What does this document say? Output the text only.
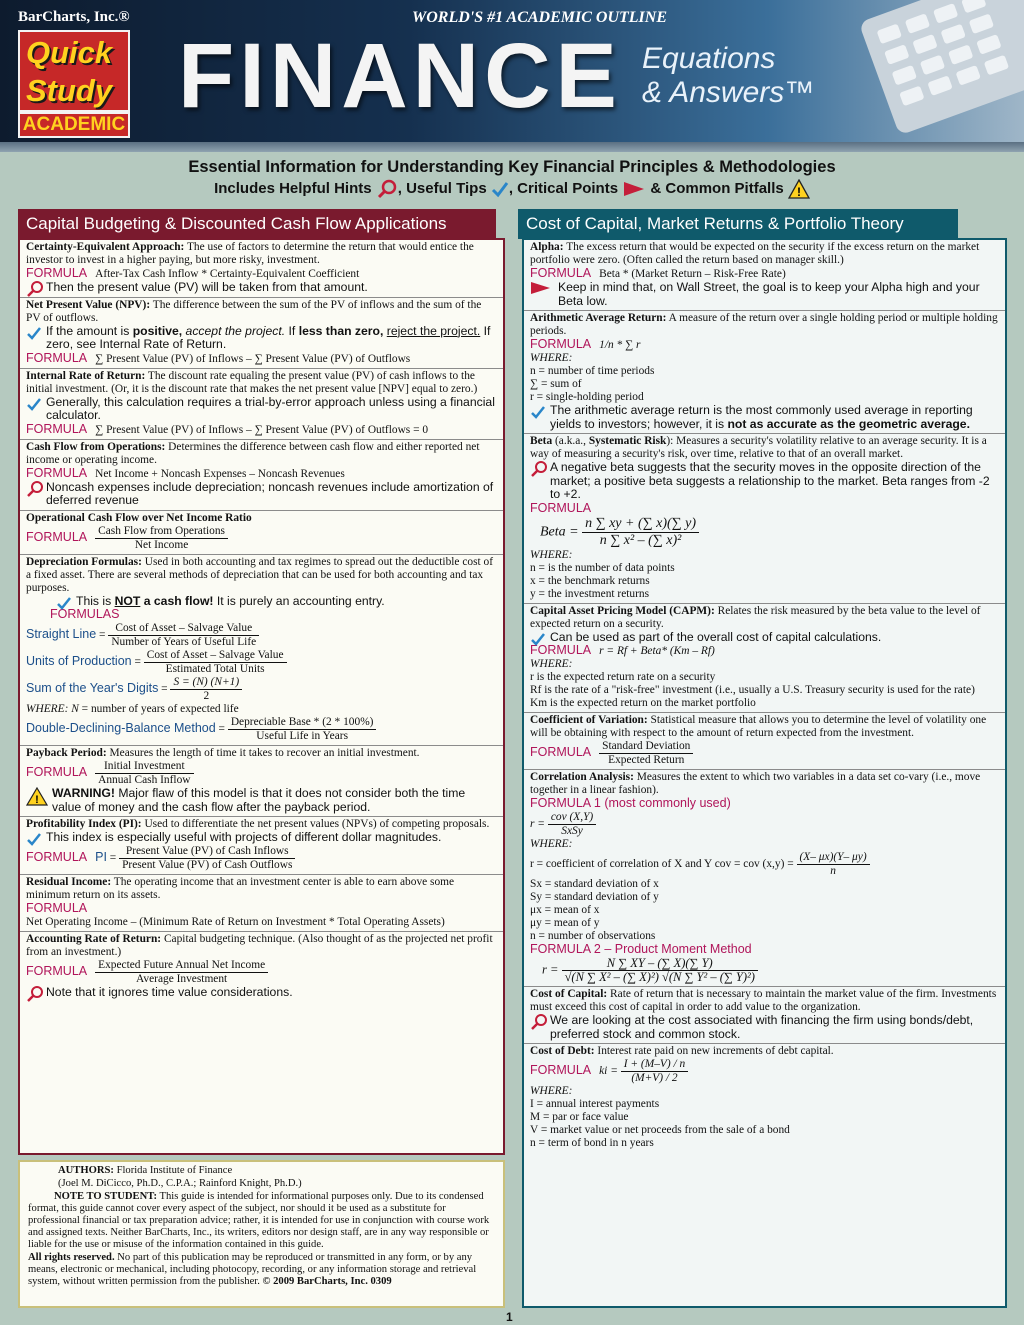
BarCharts, Inc.®	WORLD'S #1 ACADEMIC OUTLINE
Quick Study
ACADEMIC FINANCE Equations
& Answers™
Essential Information for Understanding Key Financial Principles & Methodologies
Includes Helpful Hints , Useful Tips , Critical Points & Common Pitfalls !
Capital Budgeting & Discounted Cash Flow Applications

Certainty-Equivalent Approach: The use of factors to determine the return that would entice the investor to invest in a higher paying, but more risky, investment.

FORMULA After-Tax Cash Inflow * Certainty-Equivalent Coefficient
Then the present value (PV) will be taken from that amount.

Net Present Value (NPV): The difference between the sum of the PV of inflows and the sum of the PV of outflows.

If the amount is positive, accept the project. If less than zero, reject the project. If zero, see Internal Rate of Return.
FORMULA ∑ Present Value (PV) of Inflows – ∑ Present Value (PV) of Outflows

Internal Rate of Return: The discount rate equaling the present value (PV) of cash inflows to the initial investment. (Or, it is the discount rate that makes the net present value [NPV] equal to zero.)

Generally, this calculation requires a trial-by-error approach unless using a financial calculator.
FORMULA ∑ Present Value (PV) of Inflows – ∑ Present Value (PV) of Outflows = 0

Cash Flow from Operations: Determines the difference between cash flow and either reported net income or operating income.

FORMULA Net Income + Noncash Expenses – Noncash Revenues
Noncash expenses include depreciation; noncash revenues include amortization of deferred revenue

Operational Cash Flow over Net Income Ratio

FORMULA $\frac{\text{Cash Flow from Operations}}{\text{Net Income}}$

Depreciation Formulas: Used in both accounting and tax regimes to spread out the deductible cost of a fixed asset. There are several methods of depreciation that can be used for both accounting and tax purposes.

This is NOT a cash flow! It is purely an accounting entry.
FORMULAS
Straight Line = $\frac{\text{Cost of Asset – Salvage Value}}{\text{Number of Years of Useful Life}}$
Units of Production = $\frac{\text{Cost of Asset – Salvage Value}}{\text{Estimated Total Units}}$
Sum of the Year's Digits = $\frac{S = (N) (N+1)}{2}$
WHERE: N = number of years of expected life
Double-Declining-Balance Method = $\frac{\text{Depreciable Base * (2 * 100\%)}}{\text{Useful Life in Years}}$

Payback Period: Measures the length of time it takes to recover an initial investment.

FORMULA $\frac{\text{Initial Investment}}{\text{Annual Cash Inflow}}$
! WARNING! Major flaw of this model is that it does not consider both the time value of money and the cash flow after the payback period.

Profitability Index (PI): Used to differentiate the net present values (NPVs) of competing proposals.

This index is especially useful with projects of different dollar magnitudes.
FORMULA PI = $\frac{\text{Present Value (PV) of Cash Inflows}}{\text{Present Value (PV) of Cash Outflows}}$

Residual Income: The operating income that an investment center is able to earn above some minimum return on its assets.

FORMULA
Net Operating Income – (Minimum Rate of Return on Investment * Total Operating Assets)

Accounting Rate of Return: Capital budgeting technique. (Also thought of as the projected net profit from an investment.)

FORMULA $\frac{\text{Expected Future Annual Net Income}}{\text{Average Investment}}$
Note that it ignores time value considerations.

AUTHORS: Florida Institute of Finance

(Joel M. DiCicco, Ph.D., C.P.A.; Rainford Knight, Ph.D.)

NOTE TO STUDENT: This guide is intended for informational purposes only. Due to its condensed format, this guide cannot cover every aspect of the subject, nor should it be used as a substitute for professional financial or tax preparation advice; rather, it is intended for use in conjunction with course work and assigned texts. Neither BarCharts, Inc., its writers, editors nor design staff, are in any way responsible or liable for the use or misuse of the information contained in this guide.

All rights reserved. No part of this publication may be reproduced or transmitted in any form, or by any means, electronic or mechanical, including photocopy, recording, or any information storage and retrieval system, without written permission from the publisher. © 2009 BarCharts, Inc. 0309

Cost of Capital, Market Returns & Portfolio Theory

Alpha: The excess return that would be expected on the security if the excess return on the market portfolio were zero. (Often called the return based on manager skill.)

FORMULA Beta * (Market Return – Risk-Free Rate)
Keep in mind that, on Wall Street, the goal is to keep your Alpha high and your Beta low.

Arithmetic Average Return: A measure of the return over a single holding period or multiple holding periods.

FORMULA 1/n * ∑ r
WHERE:
n = number of time periods
∑ = sum of
r = single-holding period
The arithmetic average return is the most commonly used average in reporting yields to investors; however, it is not as accurate as the geometric average.

Beta (a.k.a., Systematic Risk): Measures a security's volatility relative to an average security. It is a way of measuring a security's risk, over time, relative to that of an overall market.

A negative beta suggests that the security moves in the opposite direction of the market; a positive beta suggests a relationship to the market. Beta ranges from -2 to +2.
FORMULA
Beta = $\frac{n \sum xy + (\sum x)(\sum y)}{\text{n ∑ x² – (∑ x)²}}$
WHERE:
n = is the number of data points
x = the benchmark returns
y = the investment returns

Capital Asset Pricing Model (CAPM): Relates the risk measured by the beta value to the level of expected return on a security.

Can be used as part of the overall cost of capital calculations.
FORMULA r = Rf + Beta* (Km – Rf)
WHERE:
r is the expected return rate on a security
Rf is the rate of a "risk-free" investment (i.e., usually a U.S. Treasury security is used for the rate)
Km is the expected return on the market portfolio

Coefficient of Variation: Statistical measure that allows you to determine the level of volatility one will be obtaining with respect to the amount of return expected from the investment.

FORMULA $\frac{\text{Standard Deviation}}{\text{Expected Return}}$

Correlation Analysis: Measures the extent to which two variables in a data set co-vary (i.e., move together in a linear fashion).

FORMULA 1 (most commonly used)
$r = \frac{\text{cov (X,Y)}}{\text{SxSy}}$
WHERE:
r = coefficient of correlation of X and Y cov = cov $(x,y) = \frac{(X- \mu x)(Y- \mu y)}{n}$
Sx = standard deviation of x
Sy = standard deviation of y
μx = mean of x
μy = mean of y
n = number of observations
FORMULA 2 – Product Moment Method
$r = \frac{N \sum XY - (\sum X)(\sum Y)}{\text{√(N ∑ X² – (∑ X)²) √(N ∑ Y² – (∑ Y)²)}}$

Cost of Capital: Rate of return that is necessary to maintain the market value of the firm. Investments must exceed this cost of capital in order to add value to the organization.

We are looking at the cost associated with financing the firm using bonds/debt, preferred stock and common stock.

Cost of Debt: Interest rate paid on new increments of debt capital.

FORMULA ki = $\frac{I + (M-V) / n}{(M+V) / 2}$
WHERE:
I = annual interest payments
M = par or face value
V = market value or net proceeds from the sale of a bond
n = term of bond in n years
1
